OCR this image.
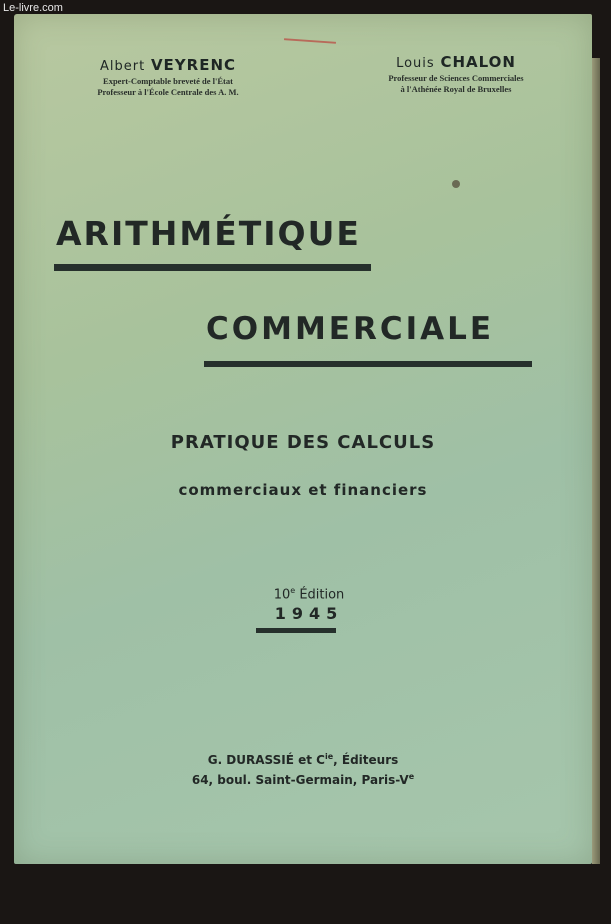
Le-livre.com
Albert VEYRENC
Expert-Comptable breveté de l'État
Professeur à l'École Centrale des A. M.
Louis CHALON
Professeur de Sciences Commerciales
à l'Athénée Royal de Bruxelles
ARITHMÉTIQUE
COMMERCIALE
PRATIQUE DES CALCULS
commerciaux et financiers
10e Édition
1945
G. DURASSIÉ et $C^{ie}$, Éditeurs
64, boul. Saint-Germain, Paris-Ve
